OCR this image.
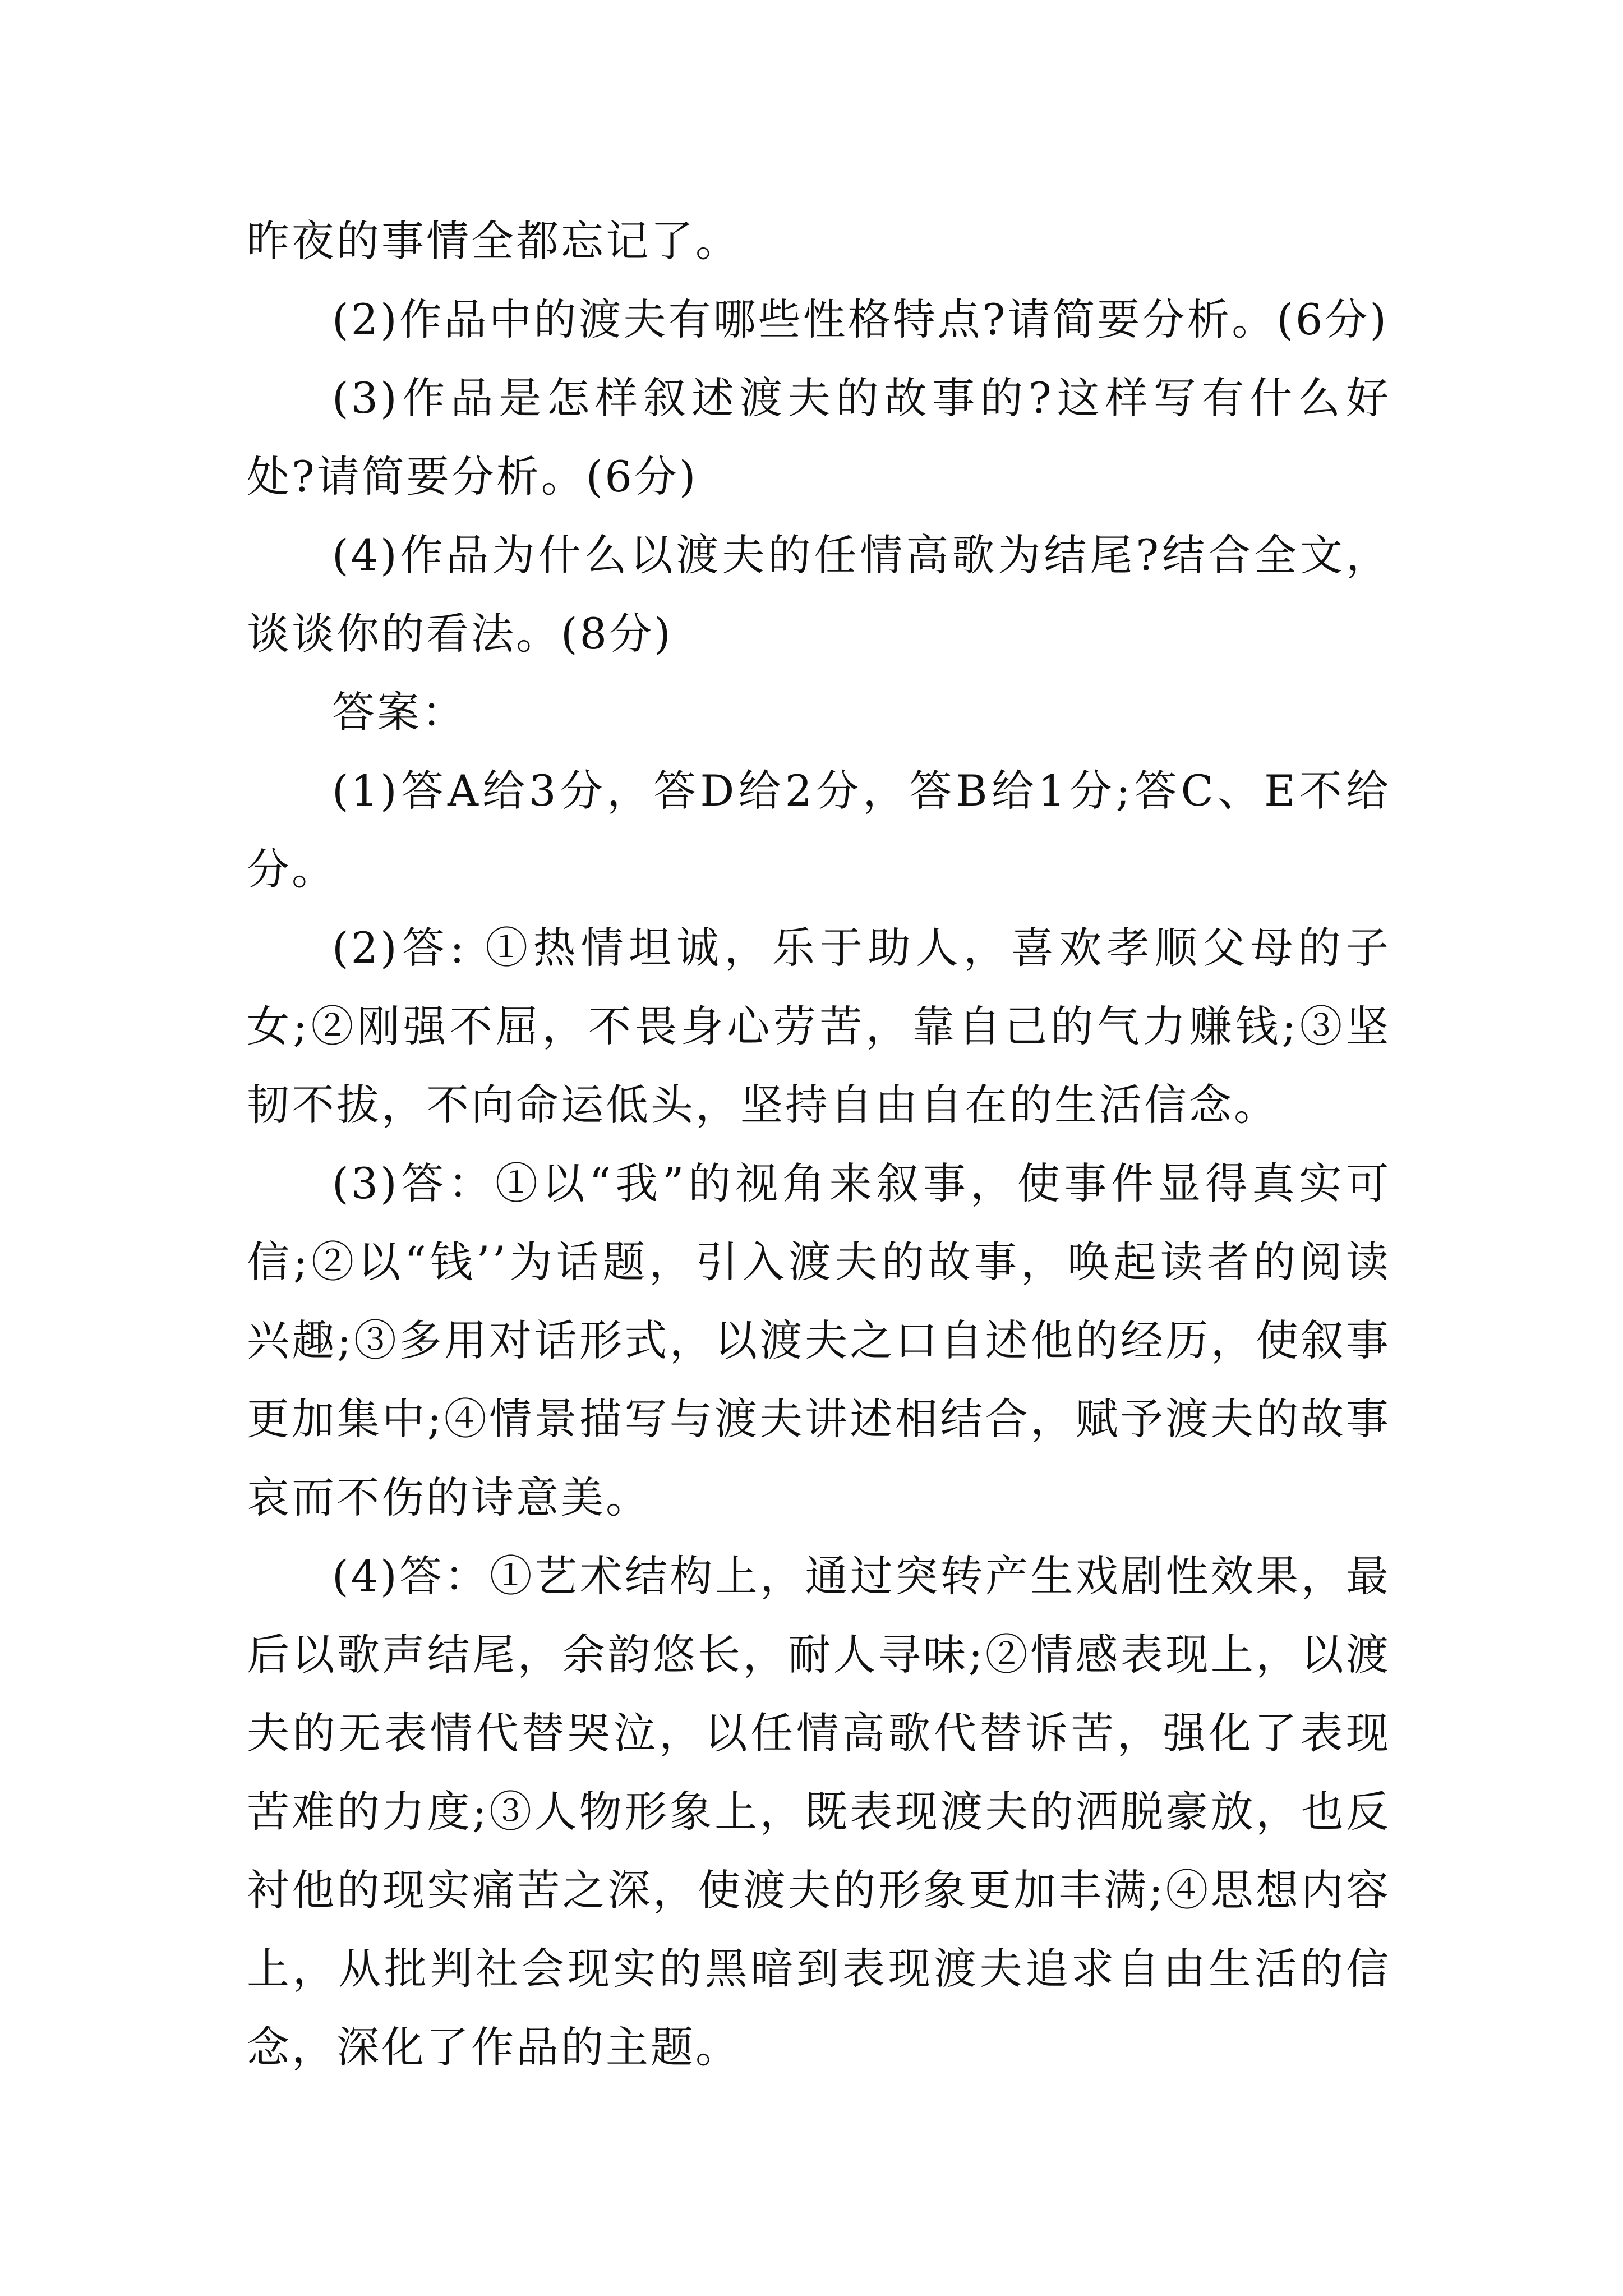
昨夜的事情全都忘记了。

(2)作品中的渡夫有哪些性格特点?请简要分析。(6分)

(3)作品是怎样叙述渡夫的故事的?这样写有什么好处?请简要分析。(6分)

(4)作品为什么以渡夫的任情高歌为结尾?结合全文，谈谈你的看法。(8分)

答案：

(1)答A给3分，答D给2分，答B给1分;答C、E不给分。

(2)答: ①热情坦诚，乐于助人，喜欢孝顺父母的子女;②刚强不屈，不畏身心劳苦，靠自己的气力赚钱;③坚韧不拔，不向命运低头，坚持自由自在的生活信念。

(3)答：①以“我”的视角来叙事，使事件显得真实可信;②以“钱’’为话题，引入渡夫的故事，唤起读者的阅读兴趣;③多用对话形式，以渡夫之口自述他的经历，使叙事更加集中;④情景描写与渡夫讲述相结合，赋予渡夫的故事哀而不伤的诗意美。

(4)答：①艺术结构上，通过突转产生戏剧性效果，最后以歌声结尾，余韵悠长，耐人寻味;②情感表现上，以渡夫的无表情代替哭泣，以任情高歌代替诉苦，强化了表现苦难的力度;③人物形象上，既表现渡夫的洒脱豪放，也反衬他的现实痛苦之深，使渡夫的形象更加丰满;④思想内容上，从批判社会现实的黑暗到表现渡夫追求自由生活的信念，深化了作品的主题。
